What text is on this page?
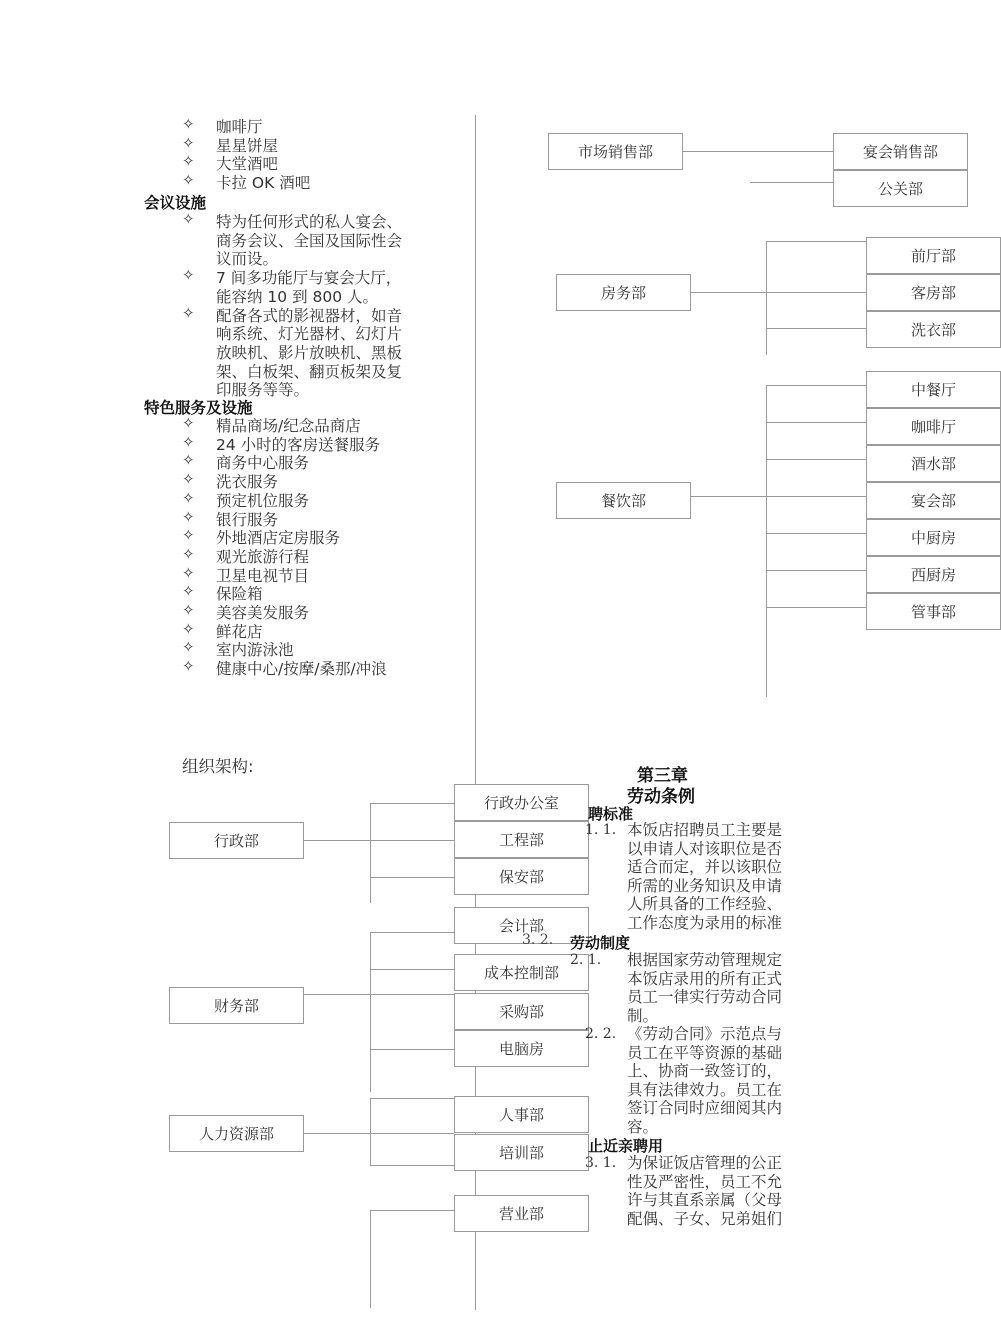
✧ 咖啡厅
✧ 星星饼屋
✧ 大堂酒吧
✧ 卡拉 OK 酒吧
会议设施
✧ 特为任何形式的私人宴会、
商务会议、全国及国际性会
议而设。
✧ 7 间多功能厅与宴会大厅，
能容纳 10 到 800 人。
✧ 配备各式的影视器材，如音
响系统、灯光器材、幻灯片
放映机、影片放映机、黑板
架、白板架、翻页板架及复
印服务等等。
特色服务及设施
✧ 精品商场/纪念品商店
✧ 24 小时的客房送餐服务
✧ 商务中心服务
✧ 洗衣服务
✧ 预定机位服务
✧ 银行服务
✧ 外地酒店定房服务
✧ 观光旅游行程
✧ 卫星电视节目
✧ 保险箱
✧ 美容美发服务
✧ 鲜花店
✧ 室内游泳池
✧ 健康中心/按摩/桑那/冲浪
市场销售部	宴会销售部
公关部
房务部
前厅部
客房部
洗衣部
餐饮部
中餐厅
咖啡厅
酒水部
宴会部
中厨房
西厨房
管事部
组织架构:
行政部
行政办公室
工程部
保安部
财务部
会计部
成本控制部
采购部
电脑房
人力资源部
人事部
培训部
营业部
第三章
劳动条例
聘标准
1. 1. 本饭店招聘员工主要是
以申请人对该职位是否
适合而定，并以该职位
所需的业务知识及申请
人所具备的工作经验、
工作态度为录用的标准
3. 2. 劳动制度
2. 1. 根据国家劳动管理规定
本饭店录用的所有正式
员工一律实行劳动合同
制。
2. 2. 《劳动合同》示范点与
员工在平等资源的基础
上、协商一致签订的，
具有法律效力。员工在
签订合同时应细阅其内
容。
止近亲聘用
3. 1. 为保证饭店管理的公正
性及严密性，员工不允
许与其直系亲属（父母
配偶、子女、兄弟姐们
